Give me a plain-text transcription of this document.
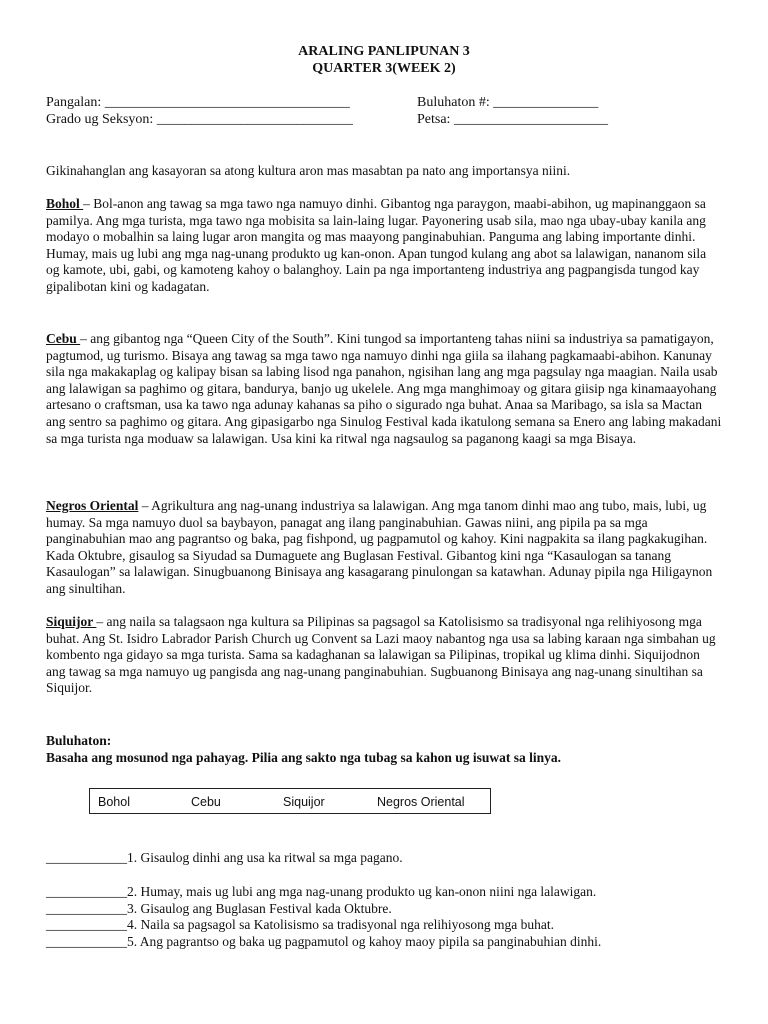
ARALING PANLIPUNAN 3
QUARTER 3(WEEK 2)
Pangalan: ___________________________________
Grado ug Seksyon: ____________________________
Buluhaton #: _______________
Petsa: ______________________

Gikinahanglan ang kasayoran sa atong kultura aron mas masabtan pa nato ang importansya niini.

Bohol – Bol-anon ang tawag sa mga tawo nga namuyo dinhi. Gibantog nga paraygon, maabi-abihon, ug mapinanggaon sa pamilya. Ang mga turista, mga tawo nga mobisita sa lain-laing lugar. Payonering usab sila, mao nga ubay-ubay kanila ang modayo o mobalhin sa laing lugar aron mangita og mas maayong panginabuhian. Panguma ang labing importante dinhi. Humay, mais ug lubi ang mga nag-unang produkto ug kan-onon. Apan tungod kulang ang abot sa lalawigan, nananom sila og kamote, ubi, gabi, og kamoteng kahoy o balanghoy. Lain pa nga importanteng industriya ang pagpangisda tungod kay gipalibotan kini og kadagatan.

Cebu – ang gibantog nga “Queen City of the South”. Kini tungod sa importanteng tahas niini sa industriya sa pamatigayon, pagtumod, ug turismo. Bisaya ang tawag sa mga tawo nga namuyo dinhi nga giila sa ilahang pagkamaabi-abihon. Kanunay sila nga makakaplag og kalipay bisan sa labing lisod nga panahon, ngisihan lang ang mga pagsulay nga maagian. Naila usab ang lalawigan sa paghimo og gitara, bandurya, banjo ug ukelele. Ang mga manghimoay og gitara giisip nga kinamaayohang artesano o craftsman, usa ka tawo nga adunay kahanas sa piho o sigurado nga buhat. Anaa sa Maribago, sa isla sa Mactan ang sentro sa paghimo og gitara. Ang gipasigarbo nga Sinulog Festival kada ikatulong semana sa Enero ang labing makadani sa mga turista nga moduaw sa lalawigan. Usa kini ka ritwal nga nagsaulog sa paganong kaagi sa mga Bisaya.

Negros Oriental – Agrikultura ang nag-unang industriya sa lalawigan. Ang mga tanom dinhi mao ang tubo, mais, lubi, ug humay. Sa mga namuyo duol sa baybayon, panagat ang ilang panginabuhian. Gawas niini, ang pipila pa sa mga panginabuhian mao ang pagrantso og baka, pag fishpond, ug pagpamutol og kahoy. Kini nagpakita sa ilang pagkakugihan. Kada Oktubre, gisaulog sa Siyudad sa Dumaguete ang Buglasan Festival. Gibantog kini nga “Kasaulogan sa tanang Kasaulogan” sa lalawigan. Sinugbuanong Binisaya ang kasagarang pinulongan sa katawhan. Adunay pipila nga Hiligaynon ang sinultihan.

Siquijor – ang naila sa talagsaon nga kultura sa Pilipinas sa pagsagol sa Katolisismo sa tradisyonal nga relihiyosong mga buhat. Ang St. Isidro Labrador Parish Church ug Convent sa Lazi maoy nabantog nga usa sa labing karaan nga simbahan ug kombento nga gidayo sa mga turista. Sama sa kadaghanan sa lalawigan sa Pilipinas, tropikal ug klima dinhi. Siquijodnon ang tawag sa mga namuyo ug pangisda ang nag-unang panginabuhian. Sugbuanong Binisaya ang nag-unang sinultihan sa Siquijor.

Buluhaton:
Basaha ang mosunod nga pahayag. Pilia ang sakto nga tubag sa kahon ug isuwat sa linya.
Bohol	Cebu	Siquijor	Negros Oriental
____________1. Gisaulog dinhi ang usa ka ritwal sa mga pagano.
____________2. Humay, mais ug lubi ang mga nag-unang produkto ug kan-onon niini nga lalawigan.
____________3. Gisaulog ang Buglasan Festival kada Oktubre.
____________4. Naila sa pagsagol sa Katolisismo sa tradisyonal nga relihiyosong mga buhat.
____________5. Ang pagrantso og baka ug pagpamutol og kahoy maoy pipila sa panginabuhian dinhi.
